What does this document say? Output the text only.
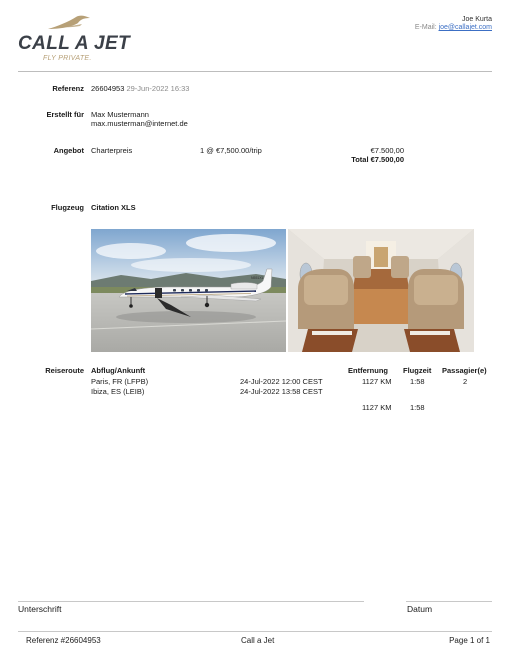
CALL A JET
FLY PRIVATE.
Joe Kurta
E-Mail: joe@callajet.com
Referenz 26604953 29-Jun-2022 16:33
Erstellt für Max Mustermann
max.musterman@internet.de
Angebot Charterpreis	1 @ €7,500.00/trip	€7.500,00
Total €7.500,00
Flugzeug Citation XLS
N551XL
Reiseroute Abflug/Ankunft	Entfernung Flugzeit Passagier(e)
Paris, FR (LFPB)	24-Jul-2022 12:00 CEST	1127 KM 1:58	2
Ibiza, ES (LEIB)	24-Jul-2022 13:58 CEST
1127 KM 1:58
Unterschrift	Datum
Referenz #26604953	Call a Jet	Page 1 of 1
